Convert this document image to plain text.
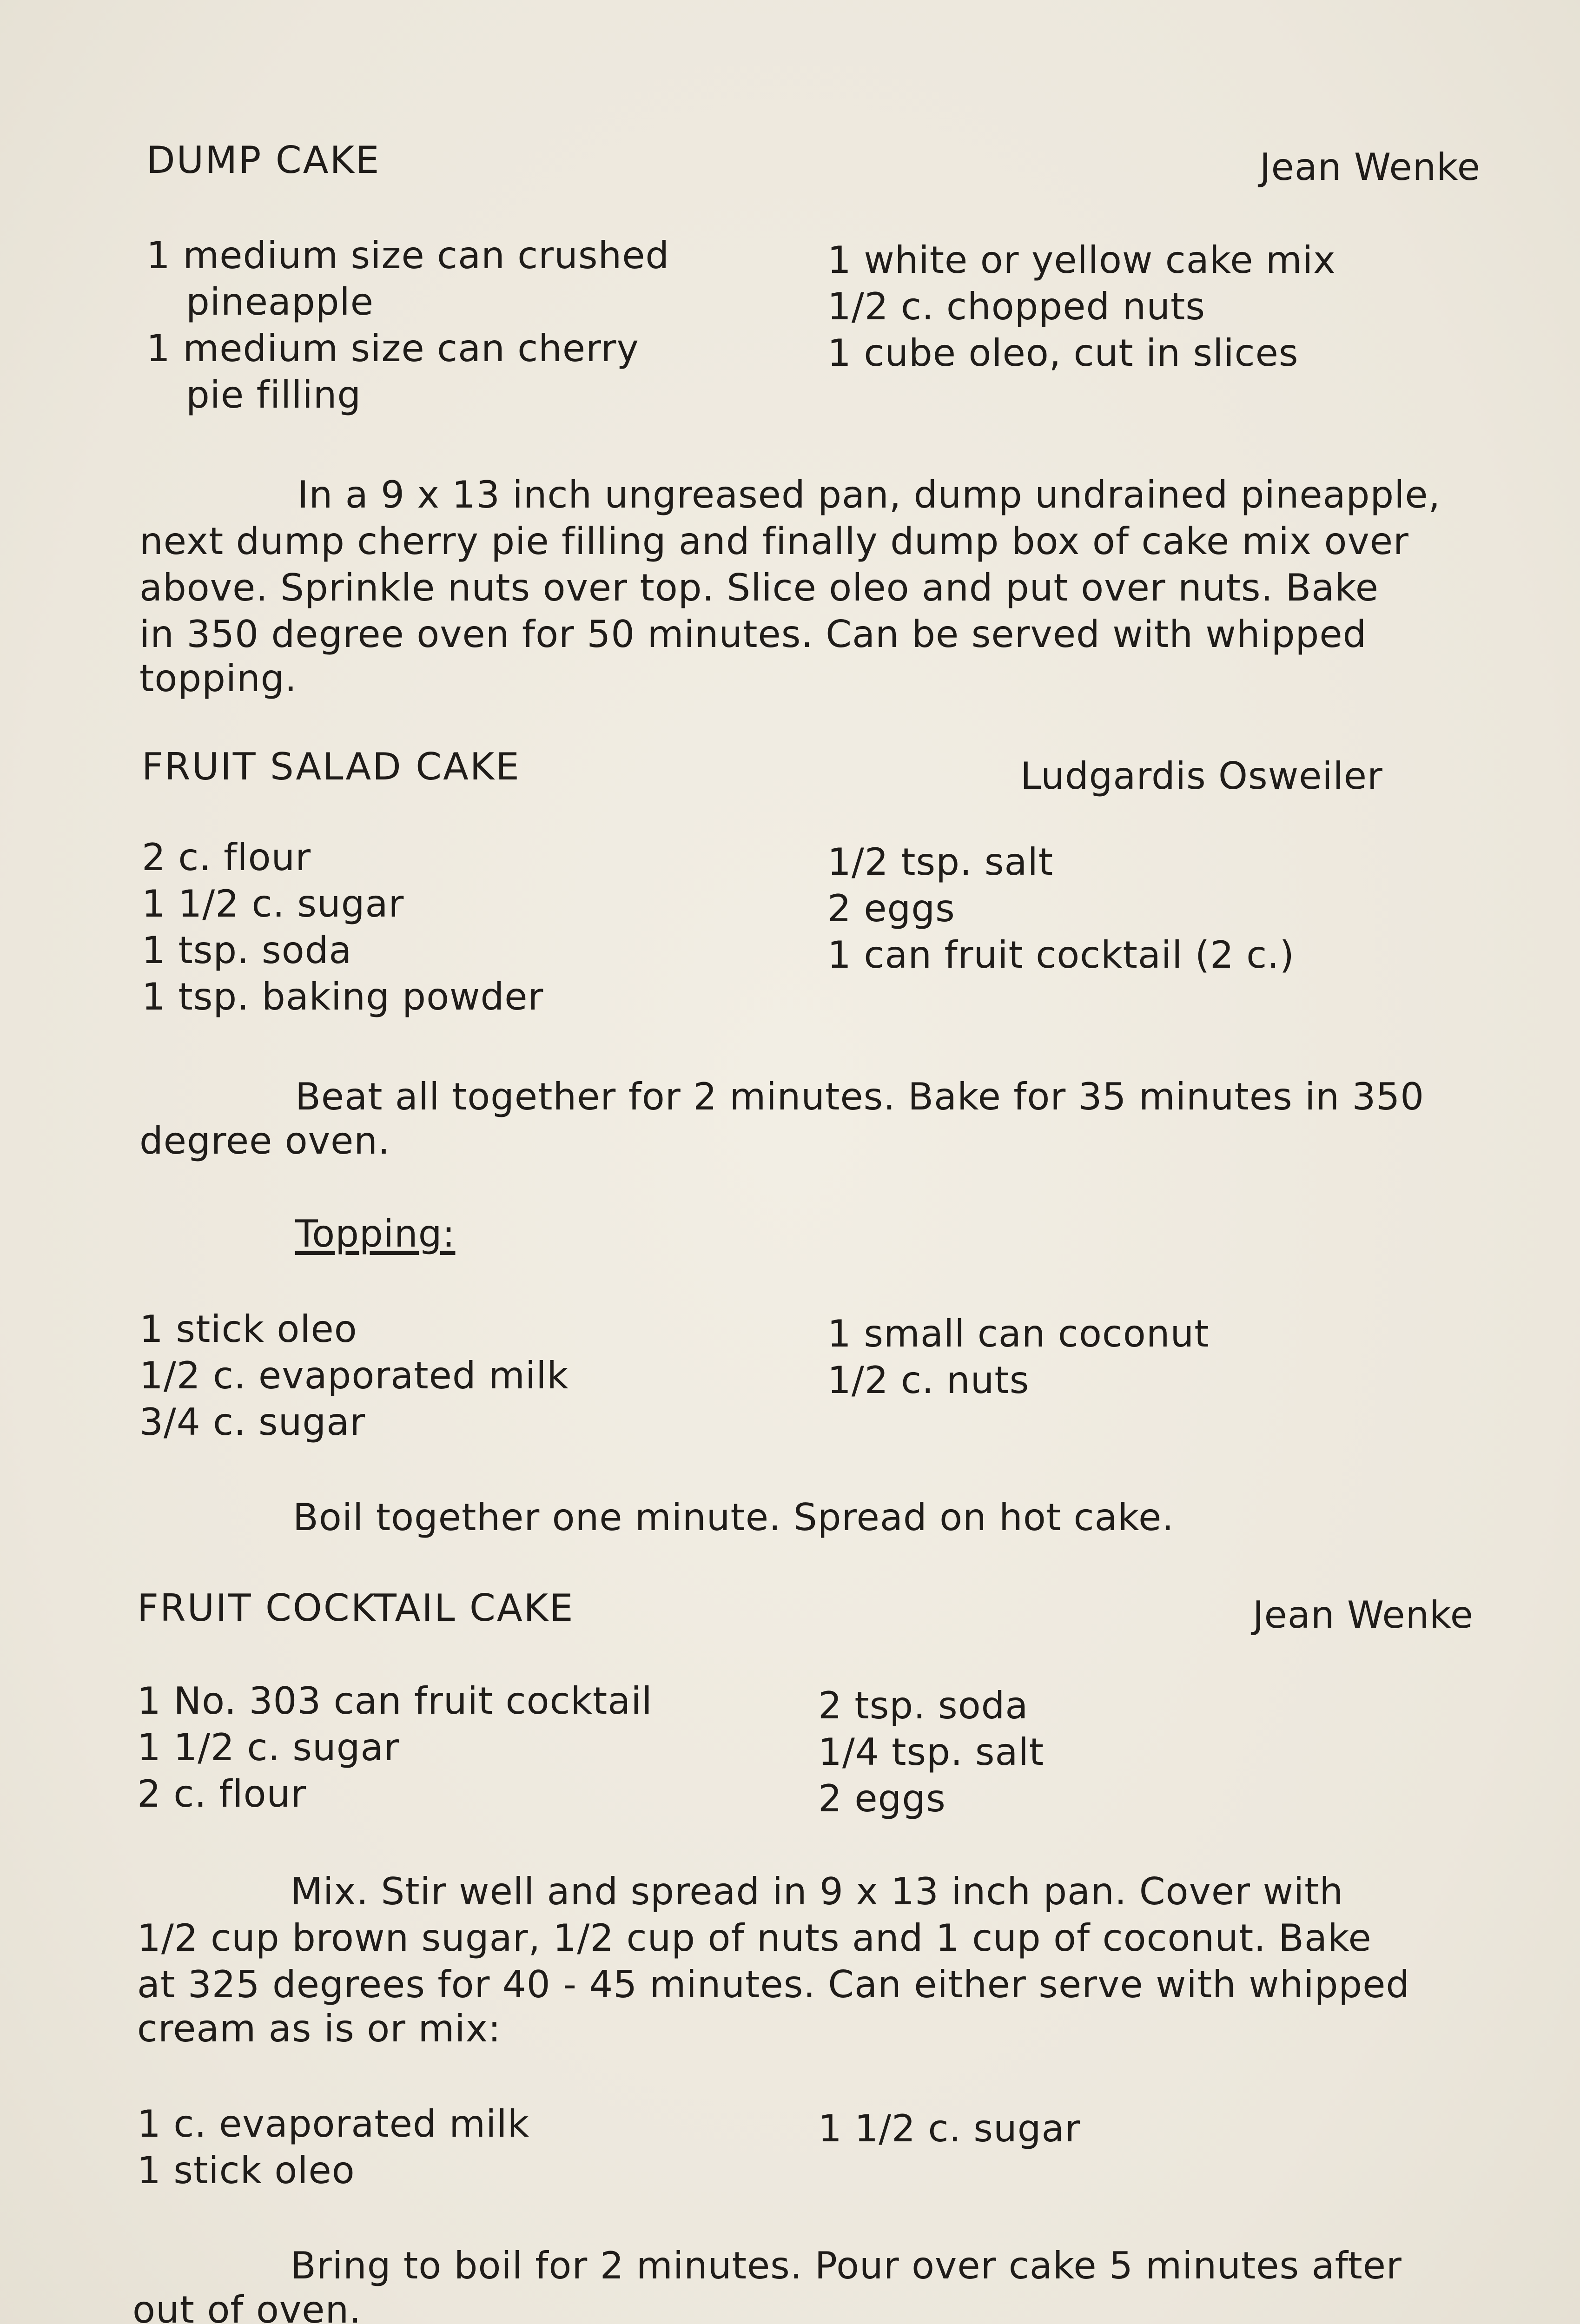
DUMP CAKE	Jean Wenke
1 medium size can crushed
pineapple
1 medium size can cherry
pie filling
1 white or yellow cake mix
1/2 c. chopped nuts
1 cube oleo, cut in slices
In a 9 x 13 inch ungreased pan, dump undrained pineapple,
next dump cherry pie filling and finally dump box of cake mix over
above. Sprinkle nuts over top. Slice oleo and put over nuts. Bake
in 350 degree oven for 50 minutes. Can be served with whipped
topping.
FRUIT SALAD CAKE	Ludgardis Osweiler
2 c. flour
1 1/2 c. sugar
1 tsp. soda
1 tsp. baking powder
1/2 tsp. salt
2 eggs
1 can fruit cocktail (2 c.)
Beat all together for 2 minutes. Bake for 35 minutes in 350
degree oven.
Topping:
1 stick oleo
1/2 c. evaporated milk
3/4 c. sugar
1 small can coconut
1/2 c. nuts
Boil together one minute. Spread on hot cake.
FRUIT COCKTAIL CAKE	Jean Wenke
1 No. 303 can fruit cocktail
1 1/2 c. sugar
2 c. flour
2 tsp. soda
1/4 tsp. salt
2 eggs
Mix. Stir well and spread in 9 x 13 inch pan. Cover with
1/2 cup brown sugar, 1/2 cup of nuts and 1 cup of coconut. Bake
at 325 degrees for 40 - 45 minutes. Can either serve with whipped
cream as is or mix:
1 c. evaporated milk
1 stick oleo
1 1/2 c. sugar
Bring to boil for 2 minutes. Pour over cake 5 minutes after
out of oven.
